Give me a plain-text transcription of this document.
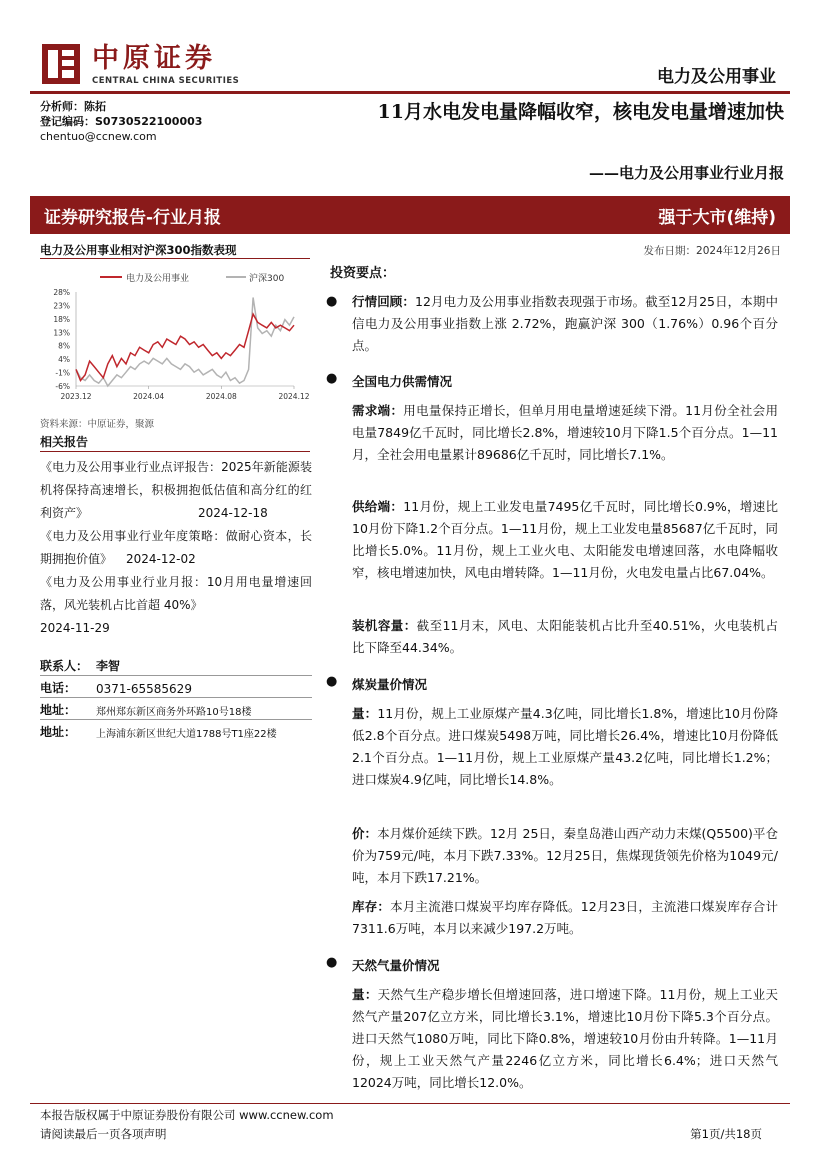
中原证券
CENTRAL CHINA SECURITIES	电力及公用事业
分析师：陈拓
登记编码：S0730522100003
chentuo@ccnew.com
11月水电发电量降幅收窄，核电发电量增速加快
——电力及公用事业行业月报
证券研究报告-行业月报	强于大市(维持)
电力及公用事业相对沪深300指数表现	发布日期：2024年12月26日
电力及公用事业	沪深300
28%
23%
18%
13%
8%
4%
-1%
-6%
2023.12	2024.04	2024.08	2024.12
资料来源：中原证券，聚源
相关报告

《电力及公用事业行业点评报告：2025年新能源装机将保持高速增长，积极拥抱低估值和高分红的红利资产》	2024-12-18

《电力及公用事业行业年度策略：做耐心资本，长期拥抱价值》 2024-12-02

《电力及公用事业行业月报：10月用电量增速回落，风光装机占比首超 40%》
2024-11-29

联系人： 李智
电话：	0371-65585629
地址：	郑州郑东新区商务外环路10号18楼
地址：	上海浦东新区世纪大道1788号T1座22楼
投资要点：
● 行情回顾：12月电力及公用事业指数表现强于市场。截至12月25日，本期中信电力及公用事业指数上涨 2.72%，跑赢沪深 300（1.76%）0.96个百分点。
● 全国电力供需情况
需求端：用电量保持正增长，但单月用电量增速延续下滑。11月份全社会用电量7849亿千瓦时，同比增长2.8%，增速较10月下降1.5个百分点。1—11月，全社会用电量累计89686亿千瓦时，同比增长7.1%。
供给端：11月份，规上工业发电量7495亿千瓦时，同比增长0.9%，增速比10月份下降1.2个百分点。1—11月份，规上工业发电量85687亿千瓦时，同比增长5.0%。11月份，规上工业火电、太阳能发电增速回落，水电降幅收窄，核电增速加快，风电由增转降。1—11月份，火电发电量占比67.04%。
装机容量：截至11月末，风电、太阳能装机占比升至40.51%，火电装机占比下降至44.34%。
● 煤炭量价情况
量：11月份，规上工业原煤产量4.3亿吨，同比增长1.8%，增速比10月份降低2.8个百分点。进口煤炭5498万吨，同比增长26.4%，增速比10月份降低2.1个百分点。1—11月份，规上工业原煤产量43.2亿吨，同比增长1.2%；进口煤炭4.9亿吨，同比增长14.8%。
价：本月煤价延续下跌。12月 25日，秦皇岛港山西产动力末煤(Q5500)平仓价为759元/吨，本月下跌7.33%。12月25日，焦煤现货领先价格为1049元/吨，本月下跌17.21%。
库存：本月主流港口煤炭平均库存降低。12月23日，主流港口煤炭库存合计7311.6万吨，本月以来减少197.2万吨。
● 天然气量价情况
量：天然气生产稳步增长但增速回落，进口增速下降。11月份，规上工业天然气产量207亿立方米，同比增长3.1%，增速比10月份下降5.3个百分点。进口天然气1080万吨，同比下降0.8%，增速较10月份由升转降。1—11月份，规上工业天然气产量2246亿立方米，同比增长6.4%；进口天然气12024万吨，同比增长12.0%。
本报告版权属于中原证券股份有限公司 www.ccnew.com
请阅读最后一页各项声明	第1页/共18页
